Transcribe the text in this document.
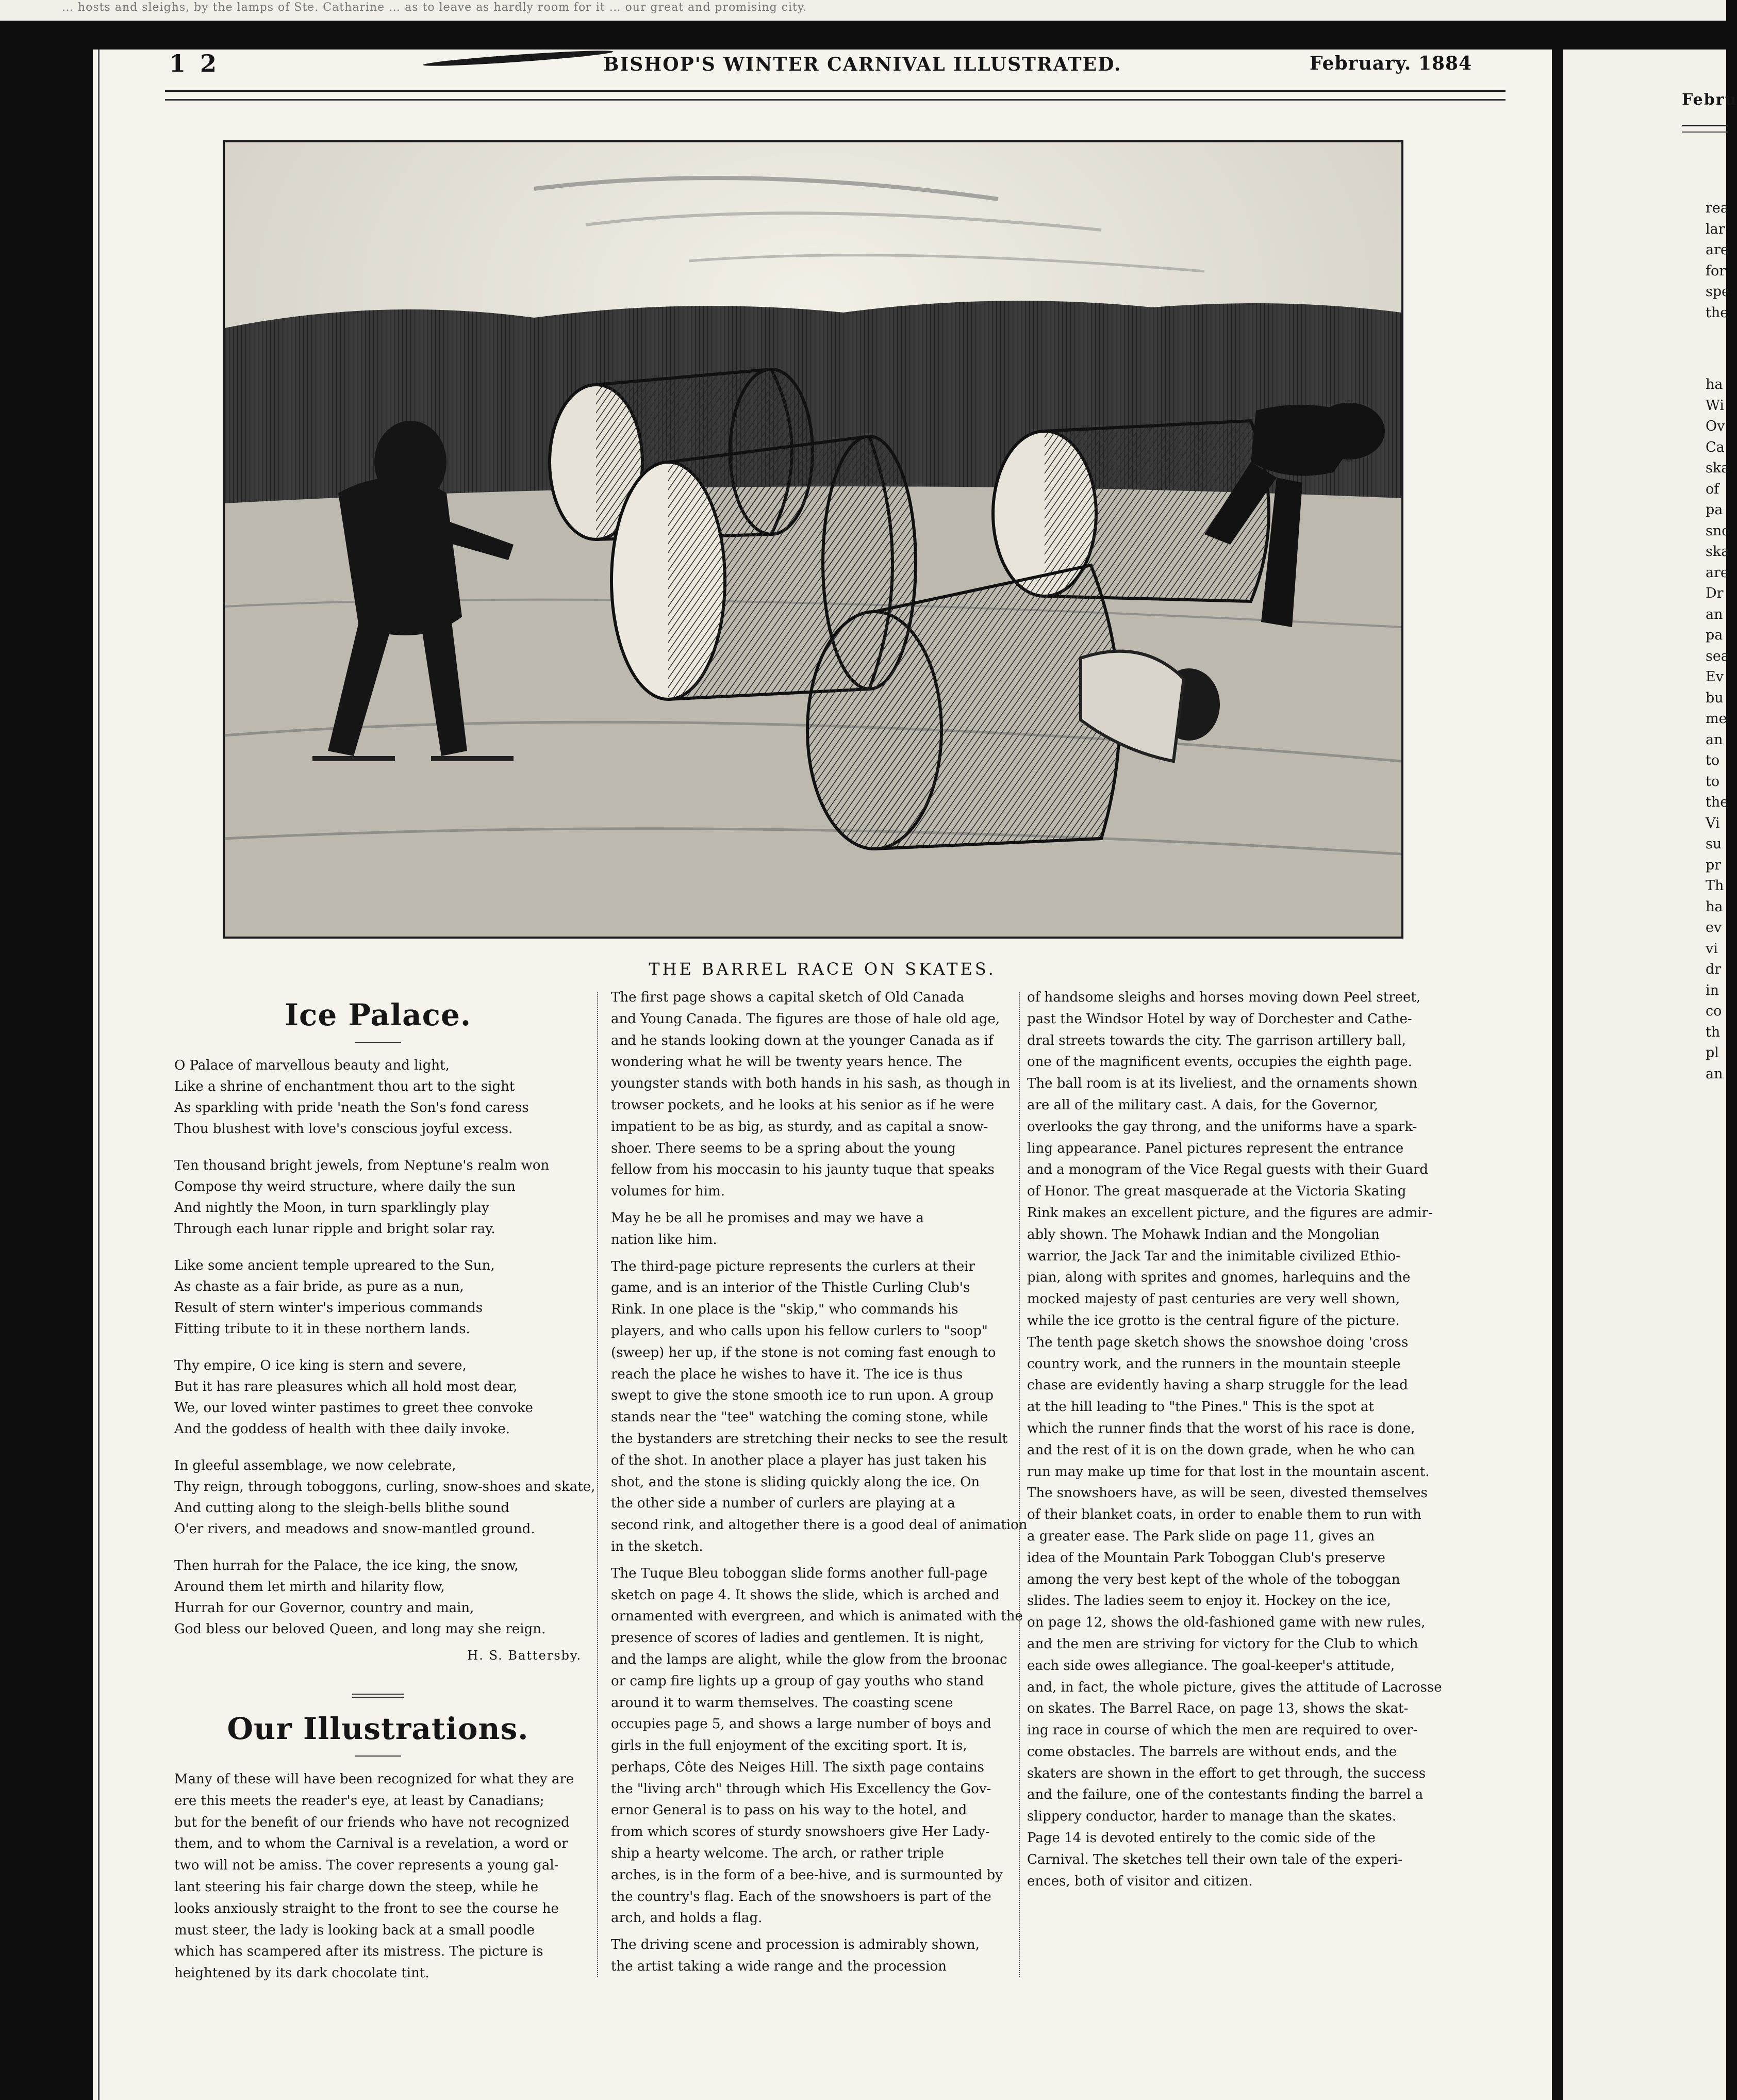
… hosts and sleighs, by the lamps of Ste. Catharine … as to leave as hardly room for it … our great and promising city.
1 2	BISHOP'S WINTER CARNIVAL ILLUSTRATED.	February. 1884
THE BARREL RACE ON SKATES.
Ice Palace.
O Palace of marvellous beauty and light,
Like a shrine of enchantment thou art to the sight
As sparkling with pride 'neath the Son's fond caress
Thou blushest with love's conscious joyful excess.
Ten thousand bright jewels, from Neptune's realm won
Compose thy weird structure, where daily the sun
And nightly the Moon, in turn sparklingly play
Through each lunar ripple and bright solar ray.
Like some ancient temple upreared to the Sun,
As chaste as a fair bride, as pure as a nun,
Result of stern winter's imperious commands
Fitting tribute to it in these northern lands.
Thy empire, O ice king is stern and severe,
But it has rare pleasures which all hold most dear,
We, our loved winter pastimes to greet thee convoke
And the goddess of health with thee daily invoke.
In gleeful assemblage, we now celebrate,
Thy reign, through toboggons, curling, snow-shoes and skate,
And cutting along to the sleigh-bells blithe sound
O'er rivers, and meadows and snow-mantled ground.
Then hurrah for the Palace, the ice king, the snow,
Around them let mirth and hilarity flow,
Hurrah for our Governor, country and main,
God bless our beloved Queen, and long may she reign.
H. S. Battersby.
Our Illustrations.
Many of these will have been recognized for what they are
ere this meets the reader's eye, at least by Canadians;
but for the benefit of our friends who have not recognized
them, and to whom the Carnival is a revelation, a word or
two will not be amiss. The cover represents a young gal-
lant steering his fair charge down the steep, while he
looks anxiously straight to the front to see the course he
must steer, the lady is looking back at a small poodle
which has scampered after its mistress. The picture is
heightened by its dark chocolate tint.
The first page shows a capital sketch of Old Canada
and Young Canada. The figures are those of hale old age,
and he stands looking down at the younger Canada as if
wondering what he will be twenty years hence. The
youngster stands with both hands in his sash, as though in
trowser pockets, and he looks at his senior as if he were
impatient to be as big, as sturdy, and as capital a snow-
shoer. There seems to be a spring about the young
fellow from his moccasin to his jaunty tuque that speaks
volumes for him.
May he be all he promises and may we have a
nation like him.
The third-page picture represents the curlers at their
game, and is an interior of the Thistle Curling Club's
Rink. In one place is the "skip," who commands his
players, and who calls upon his fellow curlers to "soop"
(sweep) her up, if the stone is not coming fast enough to
reach the place he wishes to have it. The ice is thus
swept to give the stone smooth ice to run upon. A group
stands near the "tee" watching the coming stone, while
the bystanders are stretching their necks to see the result
of the shot. In another place a player has just taken his
shot, and the stone is sliding quickly along the ice. On
the other side a number of curlers are playing at a
second rink, and altogether there is a good deal of animation
in the sketch.
The Tuque Bleu toboggan slide forms another full-page
sketch on page 4. It shows the slide, which is arched and
ornamented with evergreen, and which is animated with the
presence of scores of ladies and gentlemen. It is night,
and the lamps are alight, while the glow from the broonac
or camp fire lights up a group of gay youths who stand
around it to warm themselves. The coasting scene
occupies page 5, and shows a large number of boys and
girls in the full enjoyment of the exciting sport. It is,
perhaps, Côte des Neiges Hill. The sixth page contains
the "living arch" through which His Excellency the Gov-
ernor General is to pass on his way to the hotel, and
from which scores of sturdy snowshoers give Her Lady-
ship a hearty welcome. The arch, or rather triple
arches, is in the form of a bee-hive, and is surmounted by
the country's flag. Each of the snowshoers is part of the
arch, and holds a flag.
The driving scene and procession is admirably shown,
the artist taking a wide range and the procession
of handsome sleighs and horses moving down Peel street,
past the Windsor Hotel by way of Dorchester and Cathe-
dral streets towards the city. The garrison artillery ball,
one of the magnificent events, occupies the eighth page.
The ball room is at its liveliest, and the ornaments shown
are all of the military cast. A dais, for the Governor,
overlooks the gay throng, and the uniforms have a spark-
ling appearance. Panel pictures represent the entrance
and a monogram of the Vice Regal guests with their Guard
of Honor. The great masquerade at the Victoria Skating
Rink makes an excellent picture, and the figures are admir-
ably shown. The Mohawk Indian and the Mongolian
warrior, the Jack Tar and the inimitable civilized Ethio-
pian, along with sprites and gnomes, harlequins and the
mocked majesty of past centuries are very well shown,
while the ice grotto is the central figure of the picture.
The tenth page sketch shows the snowshoe doing 'cross
country work, and the runners in the mountain steeple
chase are evidently having a sharp struggle for the lead
at the hill leading to "the Pines." This is the spot at
which the runner finds that the worst of his race is done,
and the rest of it is on the down grade, when he who can
run may make up time for that lost in the mountain ascent.
The snowshoers have, as will be seen, divested themselves
of their blanket coats, in order to enable them to run with
a greater ease. The Park slide on page 11, gives an
idea of the Mountain Park Toboggan Club's preserve
among the very best kept of the whole of the toboggan
slides. The ladies seem to enjoy it. Hockey on the ice,
on page 12, shows the old-fashioned game with new rules,
and the men are striving for victory for the Club to which
each side owes allegiance. The goal-keeper's attitude,
and, in fact, the whole picture, gives the attitude of Lacrosse
on skates. The Barrel Race, on page 13, shows the skat-
ing race in course of which the men are required to over-
come obstacles. The barrels are without ends, and the
skaters are shown in the effort to get through, the success
and the failure, one of the contestants finding the barrel a
slippery conductor, harder to manage than the skates.
Page 14 is devoted entirely to the comic side of the
Carnival. The sketches tell their own tale of the experi-
ences, both of visitor and citizen.
Febru
rea
lar
are
for
spe
the
ha
Wi
Ov
Ca
ska
of
pa
sno
ska
are
Dr
an
pa
sea
Ev
bu
me
an
to
to
the
Vi
su
pr
Th
ha
ev
vi
dr
in
co
th
pl
an
